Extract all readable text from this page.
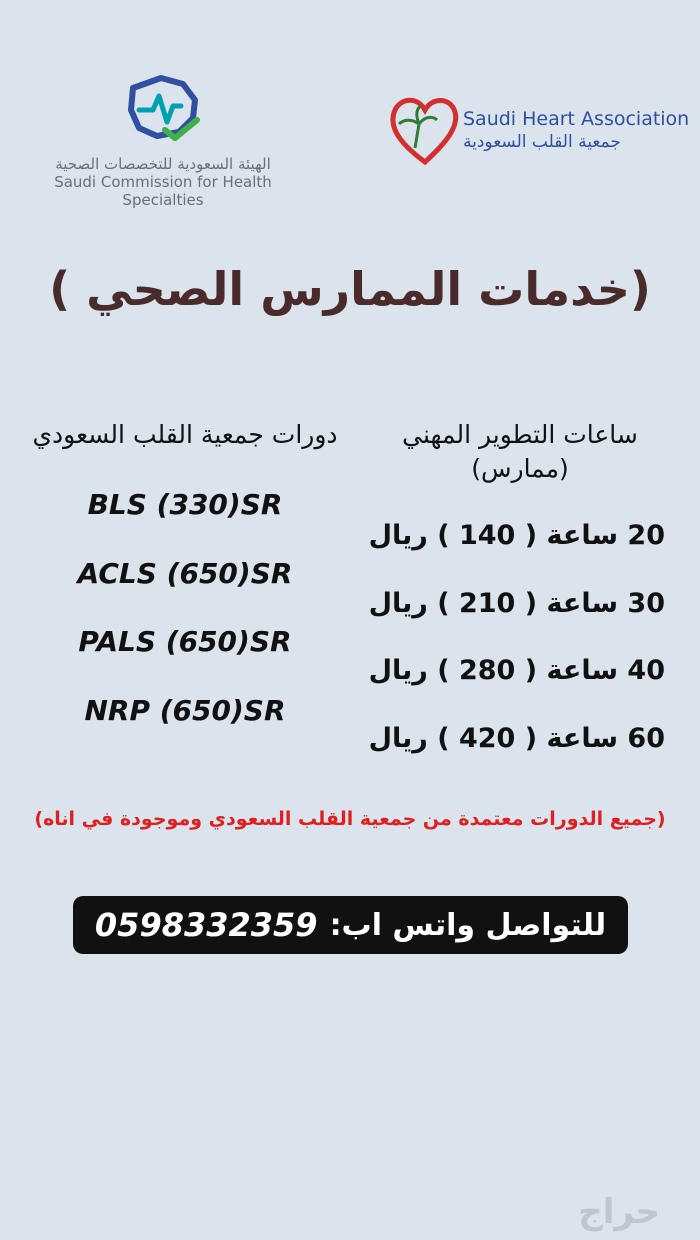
الهيئة السعودية للتخصصات الصحية
Saudi Commission for Health Specialties
Saudi Heart Association
جمعية القلب السعودية
(خدمات الممارس الصحي )
ساعات التطوير المهني
(ممارس)
دورات جمعية القلب السعودي
BLS (330)SR
ACLS (650)SR
PALS (650)SR
NRP (650)SR
20 ساعة ( 140 ) ريال
30 ساعة ( 210 ) ريال
40 ساعة ( 280 ) ريال
60 ساعة ( 420 ) ريال
(جميع الدورات معتمدة من جمعية القلب السعودي وموجودة في اناه)
للتواصل واتس اب:
0598332359
حراج
